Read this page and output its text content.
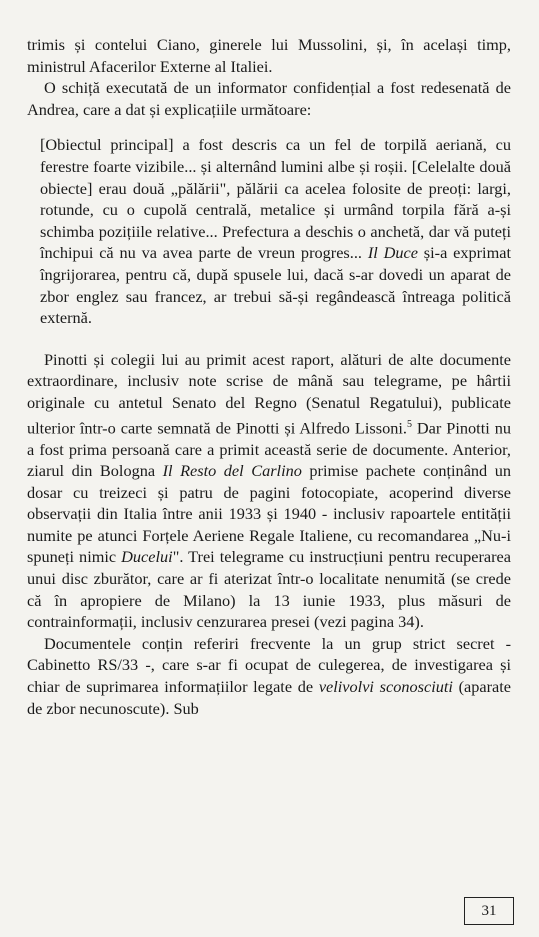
trimis și contelui Ciano, ginerele lui Mussolini, și, în același timp, ministrul Afacerilor Externe al Italiei.

O schiță executată de un informator confidențial a fost redesenată de Andrea, care a dat și explicațiile următoare:

[Obiectul principal] a fost descris ca un fel de torpilă aeriană, cu ferestre foarte vizibile... și alternând lumini albe și roșii. [Celelalte două obiecte] erau două „pălării", pălării ca acelea folosite de preoți: largi, rotunde, cu o cupolă centrală, metalice și urmând torpila fără a-și schimba pozițiile relative... Prefectura a deschis o anchetă, dar vă puteți închipui că nu va avea parte de vreun progres... Il Duce și-a exprimat îngrijorarea, pentru că, după spusele lui, dacă s-ar dovedi un aparat de zbor englez sau francez, ar trebui să-și regândească întreaga politică externă.

Pinotti și colegii lui au primit acest raport, alături de alte documente extraordinare, inclusiv note scrise de mână sau telegrame, pe hârtii originale cu antetul Senato del Regno (Senatul Regatului), publicate ulterior într-o carte semnată de Pinotti și Alfredo Lissoni.$^5$ Dar Pinotti nu a fost prima persoană care a primit această serie de documente. Anterior, ziarul din Bologna Il Resto del Carlino primise pachete conținând un dosar cu treizeci și patru de pagini fotocopiate, acoperind diverse observații din Italia între anii 1933 și 1940 - inclusiv rapoartele entității numite pe atunci Forțele Aeriene Regale Italiene, cu recomandarea „Nu-i spuneți nimic Ducelui". Trei telegrame cu instrucțiuni pentru recuperarea unui disc zburător, care ar fi aterizat într-o localitate nenumită (se crede că în apropiere de Milano) la 13 iunie 1933, plus măsuri de contrainformații, inclusiv cenzurarea presei (vezi pagina 34).

Documentele conțin referiri frecvente la un grup strict secret - Cabinetto RS/33 -, care s-ar fi ocupat de culegerea, de investigarea și chiar de suprimarea informațiilor legate de velivolvi sconosciuti (aparate de zbor necunoscute). Sub

31
